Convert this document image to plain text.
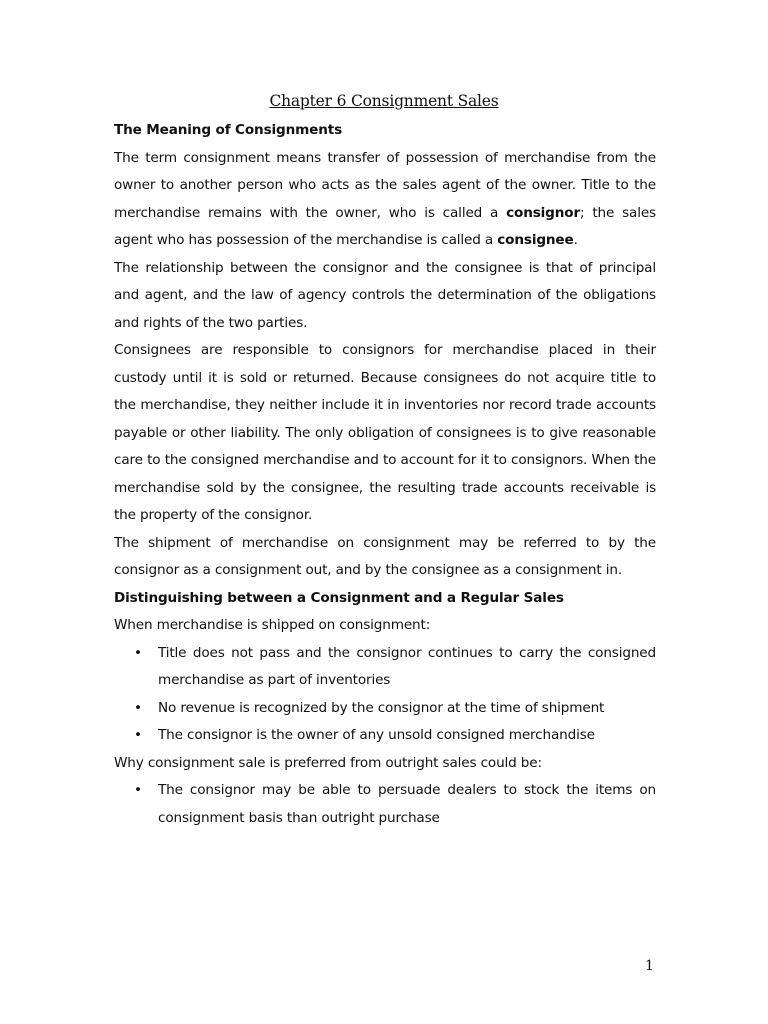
Chapter 6 Consignment Sales

The Meaning of Consignments

The term consignment means transfer of possession of merchandise from the owner to another person who acts as the sales agent of the owner. Title to the merchandise remains with the owner, who is called a consignor; the sales agent who has possession of the merchandise is called a consignee.

The relationship between the consignor and the consignee is that of principal and agent, and the law of agency controls the determination of the obligations and rights of the two parties.

Consignees are responsible to consignors for merchandise placed in their custody until it is sold or returned. Because consignees do not acquire title to the merchandise, they neither include it in inventories nor record trade accounts payable or other liability. The only obligation of consignees is to give reasonable care to the consigned merchandise and to account for it to consignors. When the merchandise sold by the consignee, the resulting trade accounts receivable is the property of the consignor.

The shipment of merchandise on consignment may be referred to by the consignor as a consignment out, and by the consignee as a consignment in.

Distinguishing between a Consignment and a Regular Sales

When merchandise is shipped on consignment:

• Title does not pass and the consignor continues to carry the consigned merchandise as part of inventories
• No revenue is recognized by the consignor at the time of shipment
• The consignor is the owner of any unsold consigned merchandise

Why consignment sale is preferred from outright sales could be:

• The consignor may be able to persuade dealers to stock the items on consignment basis than outright purchase
1
